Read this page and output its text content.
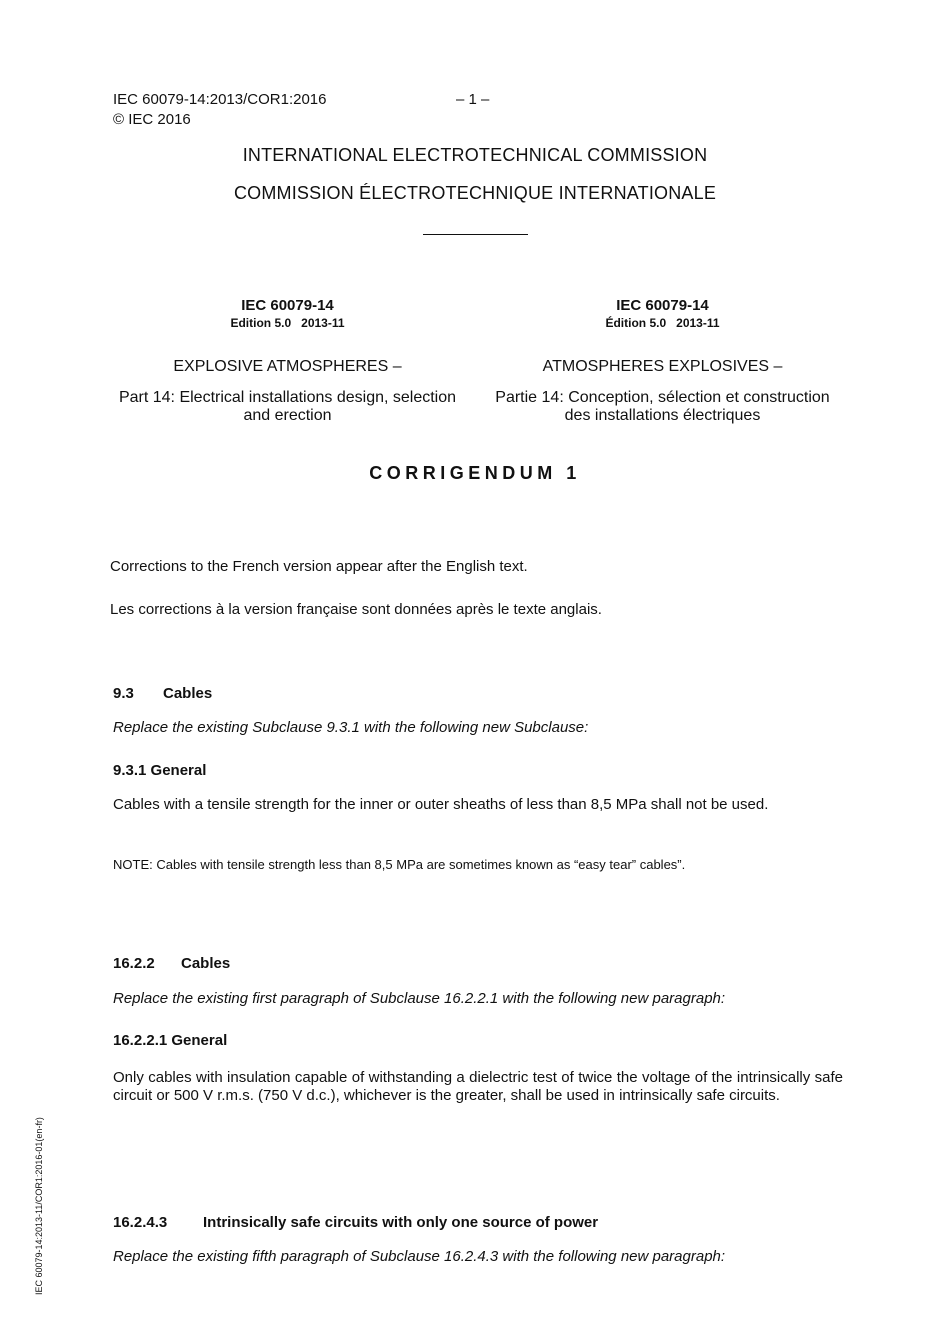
IEC 60079-14:2013/COR1:2016	– 1 –
© IEC 2016
INTERNATIONAL ELECTROTECHNICAL COMMISSION
COMMISSION ÉLECTROTECHNIQUE INTERNATIONALE
IEC 60079-14
Edition 5.0   2013-11
EXPLOSIVE ATMOSPHERES –
Part 14: Electrical installations design, selection
and erection
IEC 60079-14
Édition 5.0   2013-11
ATMOSPHERES EXPLOSIVES –
Partie 14: Conception, sélection et construction
des installations électriques
CORRIGENDUM 1
Corrections to the French version appear after the English text.
Les corrections à la version française sont données après le texte anglais.
9.3 Cables
Replace the existing Subclause 9.3.1 with the following new Subclause:
9.3.1 General
Cables with a tensile strength for the inner or outer sheaths of less than 8,5 MPa shall not be used.
NOTE: Cables with tensile strength less than 8,5 MPa are sometimes known as “easy tear” cables”.
16.2.2 Cables
Replace the existing first paragraph of Subclause 16.2.2.1 with the following new paragraph:
16.2.2.1 General
Only cables with insulation capable of withstanding a dielectric test of twice the voltage of the intrinsically safe circuit or 500 V r.m.s. (750 V d.c.), whichever is the greater, shall be used in intrinsically safe circuits.
16.2.4.3 Intrinsically safe circuits with only one source of power
Replace the existing fifth paragraph of Subclause 16.2.4.3 with the following new paragraph:
IEC 60079-14:2013-11/COR1:2016-01(en-fr)
